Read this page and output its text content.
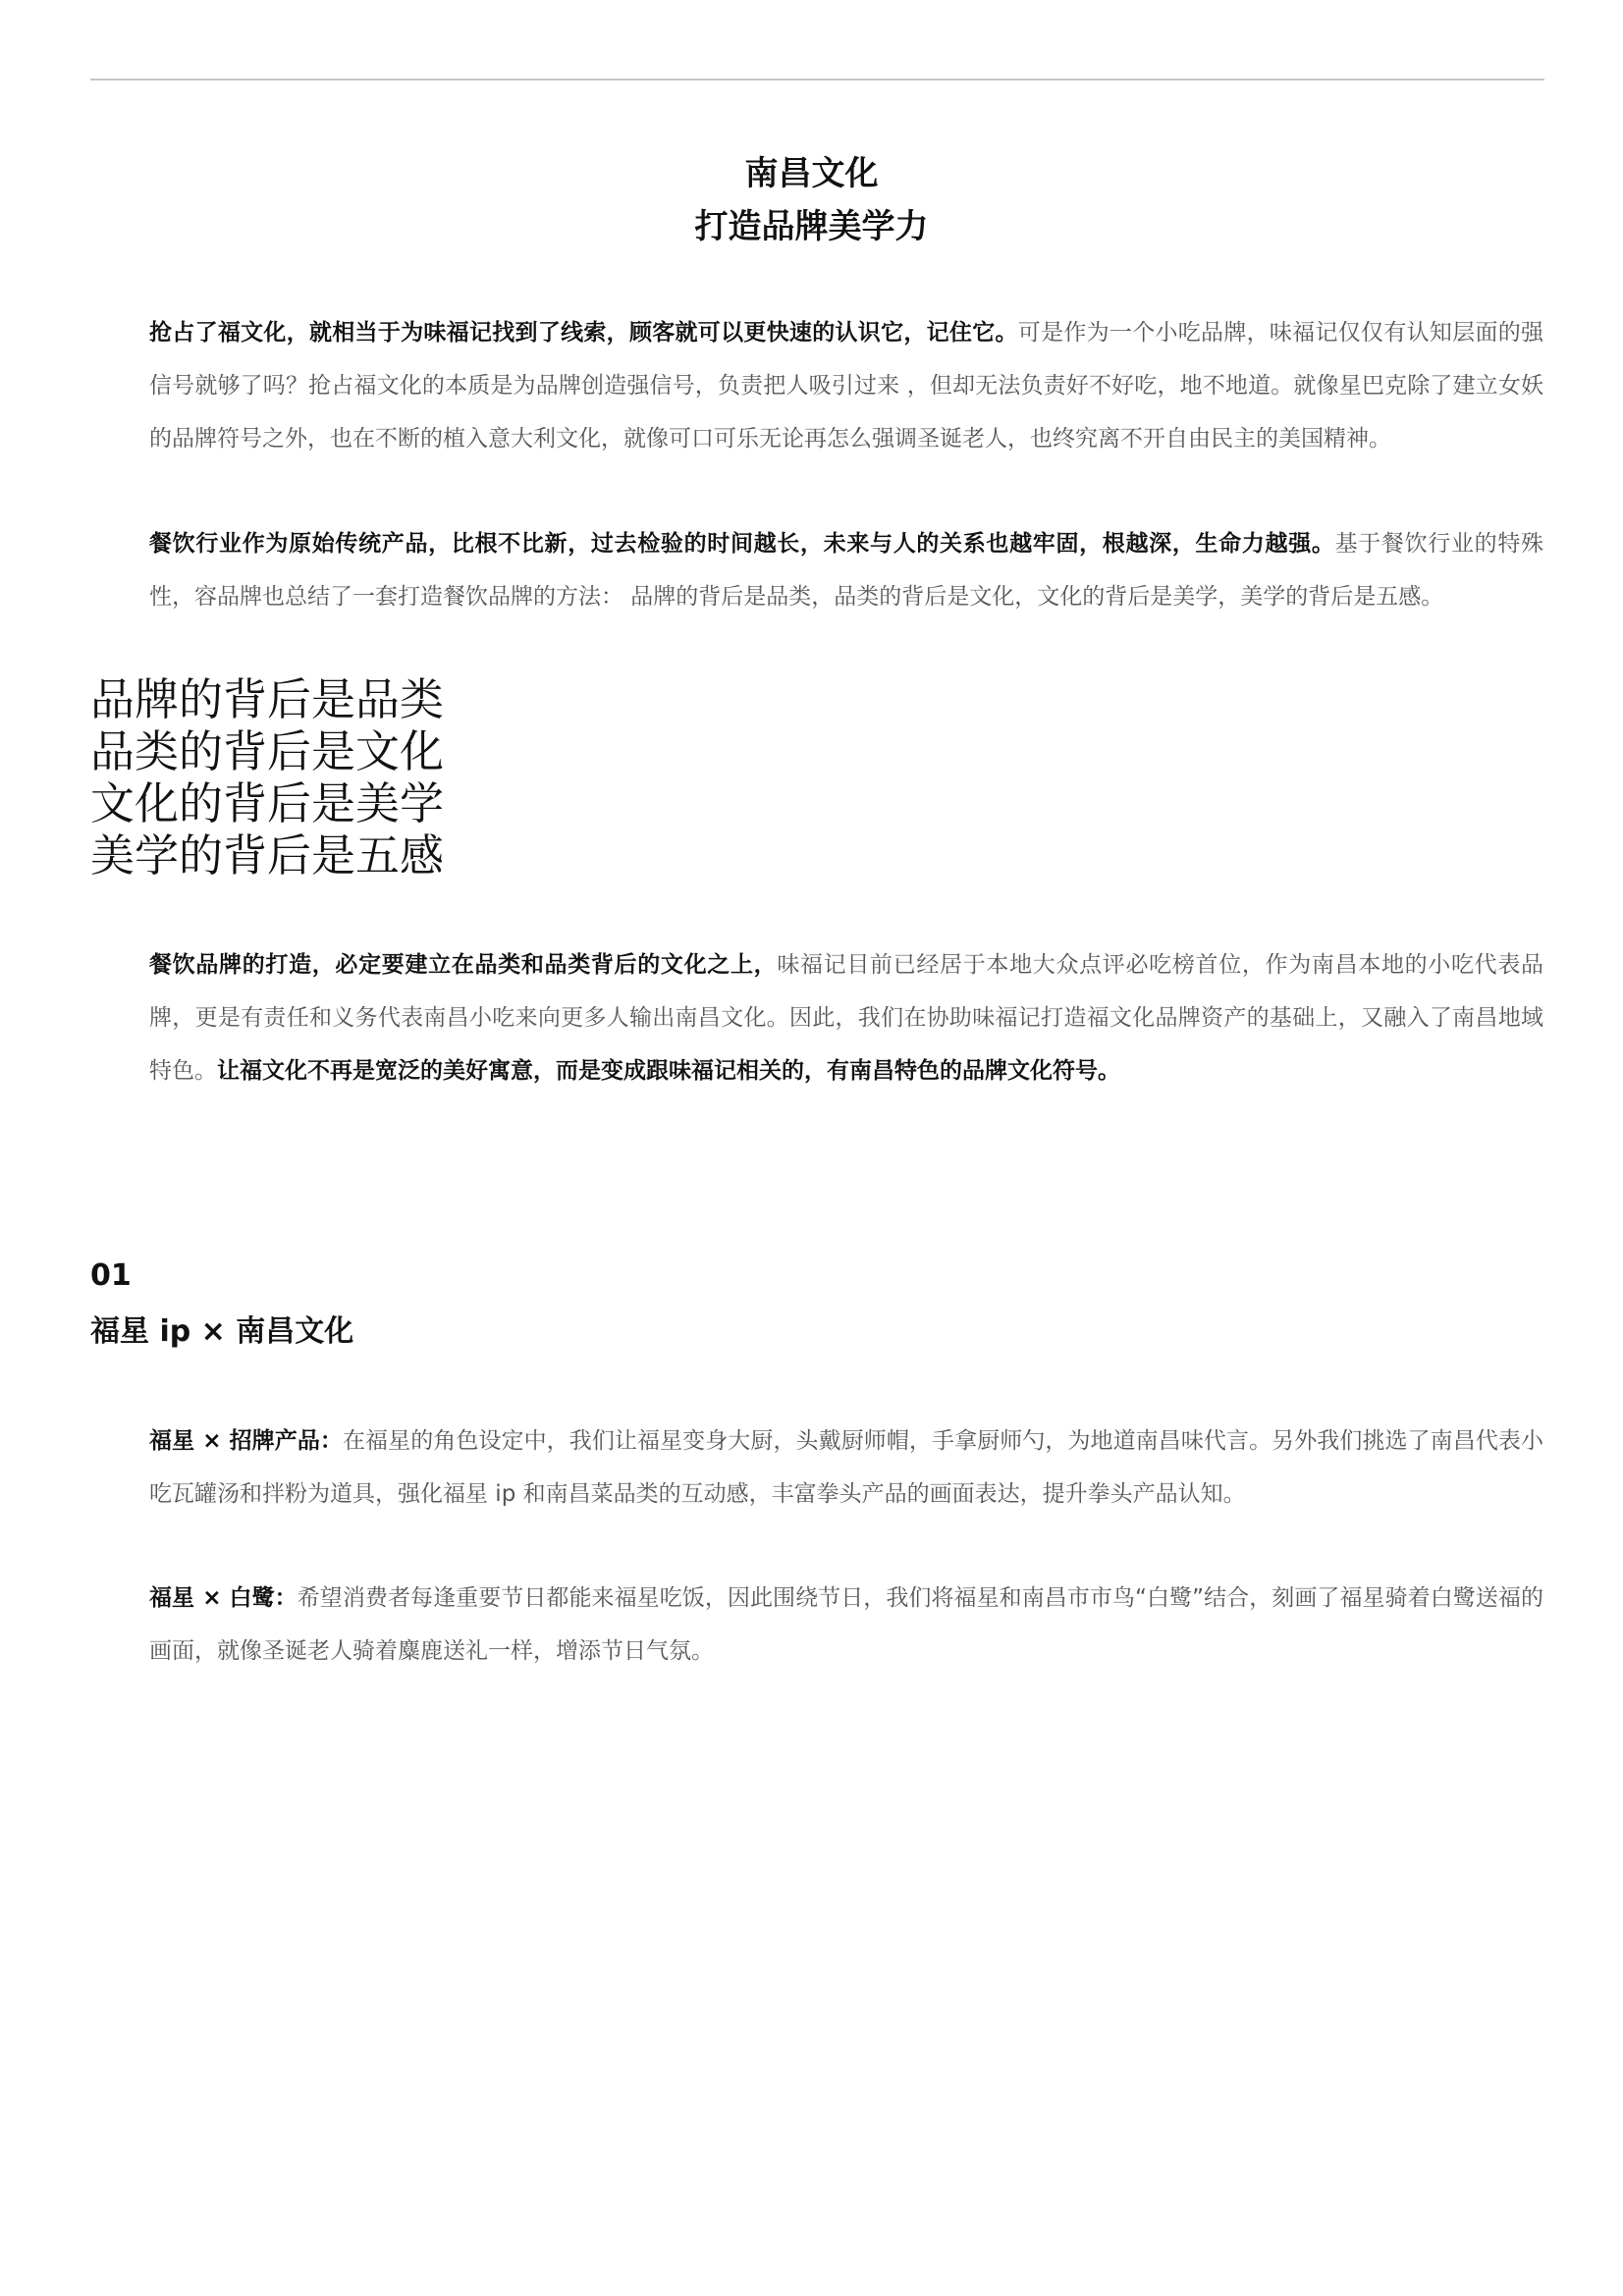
南昌文化
打造品牌美学力
抢占了福文化，就相当于为味福记找到了线索，顾客就可以更快速的认识它，记住它。可是作为一个小吃品牌，味福记仅仅有认知层面的强信号就够了吗？抢占福文化的本质是为品牌创造强信号，负责把人吸引过来 ，但却无法负责好不好吃，地不地道。就像星巴克除了建立女妖的品牌符号之外，也在不断的植入意大利文化，就像可口可乐无论再怎么强调圣诞老人，也终究离不开自由民主的美国精神。
餐饮行业作为原始传统产品，比根不比新，过去检验的时间越长，未来与人的关系也越牢固，根越深，生命力越强。基于餐饮行业的特殊性，容品牌也总结了一套打造餐饮品牌的方法： 品牌的背后是品类，品类的背后是文化，文化的背后是美学，美学的背后是五感。
品牌的背后是品类
品类的背后是文化
文化的背后是美学
美学的背后是五感
餐饮品牌的打造，必定要建立在品类和品类背后的文化之上，味福记目前已经居于本地大众点评必吃榜首位，作为南昌本地的小吃代表品牌，更是有责任和义务代表南昌小吃来向更多人输出南昌文化。因此，我们在协助味福记打造福文化品牌资产的基础上，又融入了南昌地域特色。让福文化不再是宽泛的美好寓意，而是变成跟味福记相关的，有南昌特色的品牌文化符号。
01
福星 ip × 南昌文化
福星 × 招牌产品：在福星的角色设定中，我们让福星变身大厨，头戴厨师帽，手拿厨师勺，为地道南昌味代言。另外我们挑选了南昌代表小吃瓦罐汤和拌粉为道具，强化福星 ip 和南昌菜品类的互动感，丰富拳头产品的画面表达，提升拳头产品认知。
福星 × 白鹭：希望消费者每逢重要节日都能来福星吃饭，因此围绕节日，我们将福星和南昌市市鸟“白鹭”结合，刻画了福星骑着白鹭送福的画面，就像圣诞老人骑着麋鹿送礼一样，增添节日气氛。
